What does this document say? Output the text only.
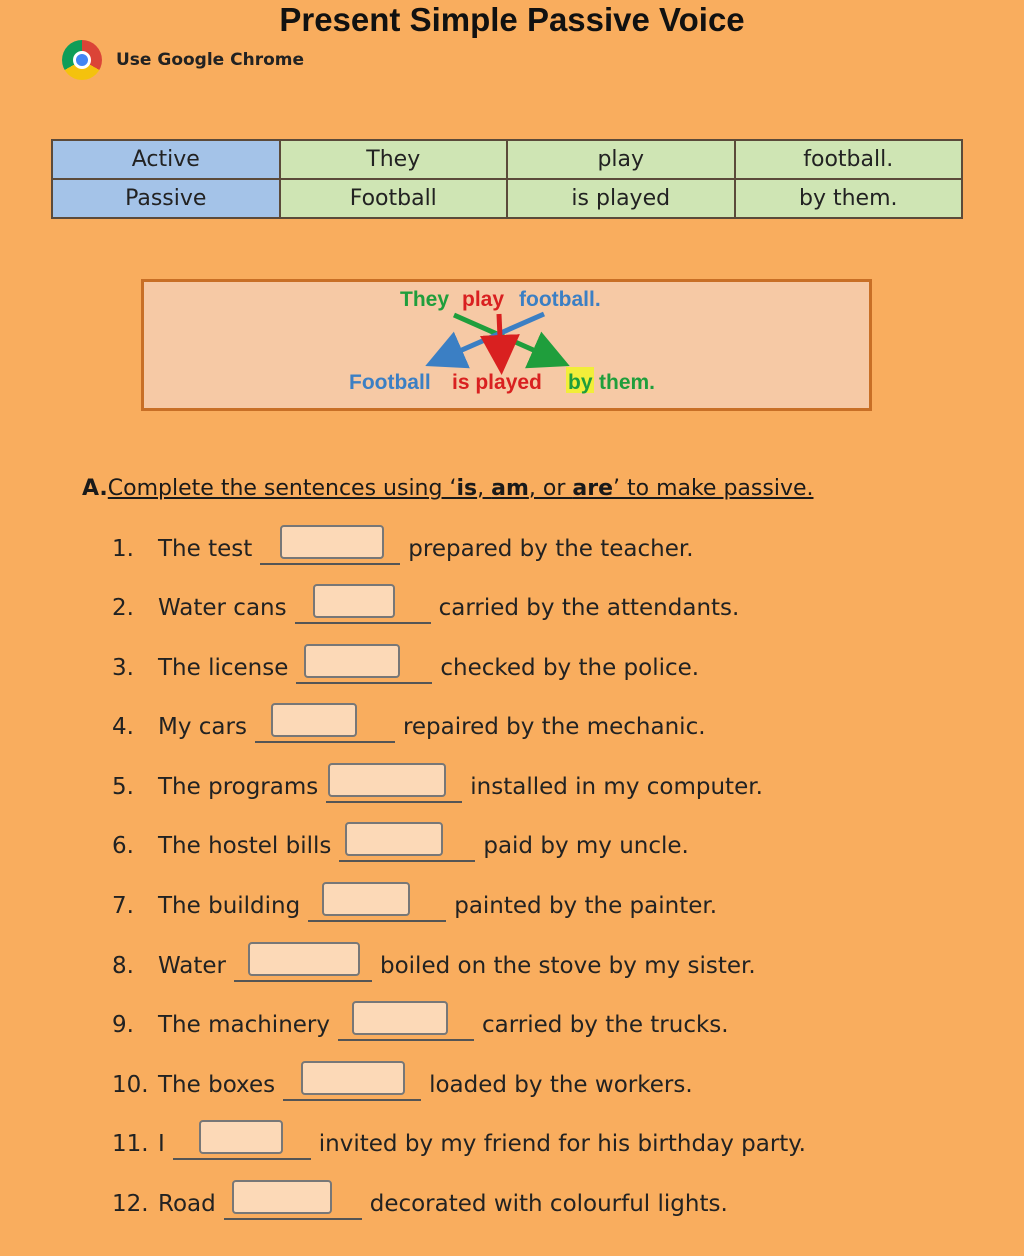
Present Simple Passive Voice
Use Google Chrome
Active	They	play	football.
Passive	Football	is played	by them.
They play football.
Football is played by them.
A.Complete the sentences using ‘is, am, or are’ to make passive.
1.	The test	prepared by the teacher.
2.	Water cans	carried by the attendants.
3.	The license	checked by the police.
4.	My cars	repaired by the mechanic.
5.	The programs	installed in my computer.
6.	The hostel bills	paid by my uncle.
7.	The building	painted by the painter.
8.	Water	boiled on the stove by my sister.
9.	The machinery	carried by the trucks.
10. The boxes	loaded by the workers.
11. I	invited by my friend for his birthday party.
12. Road	decorated with colourful lights.
